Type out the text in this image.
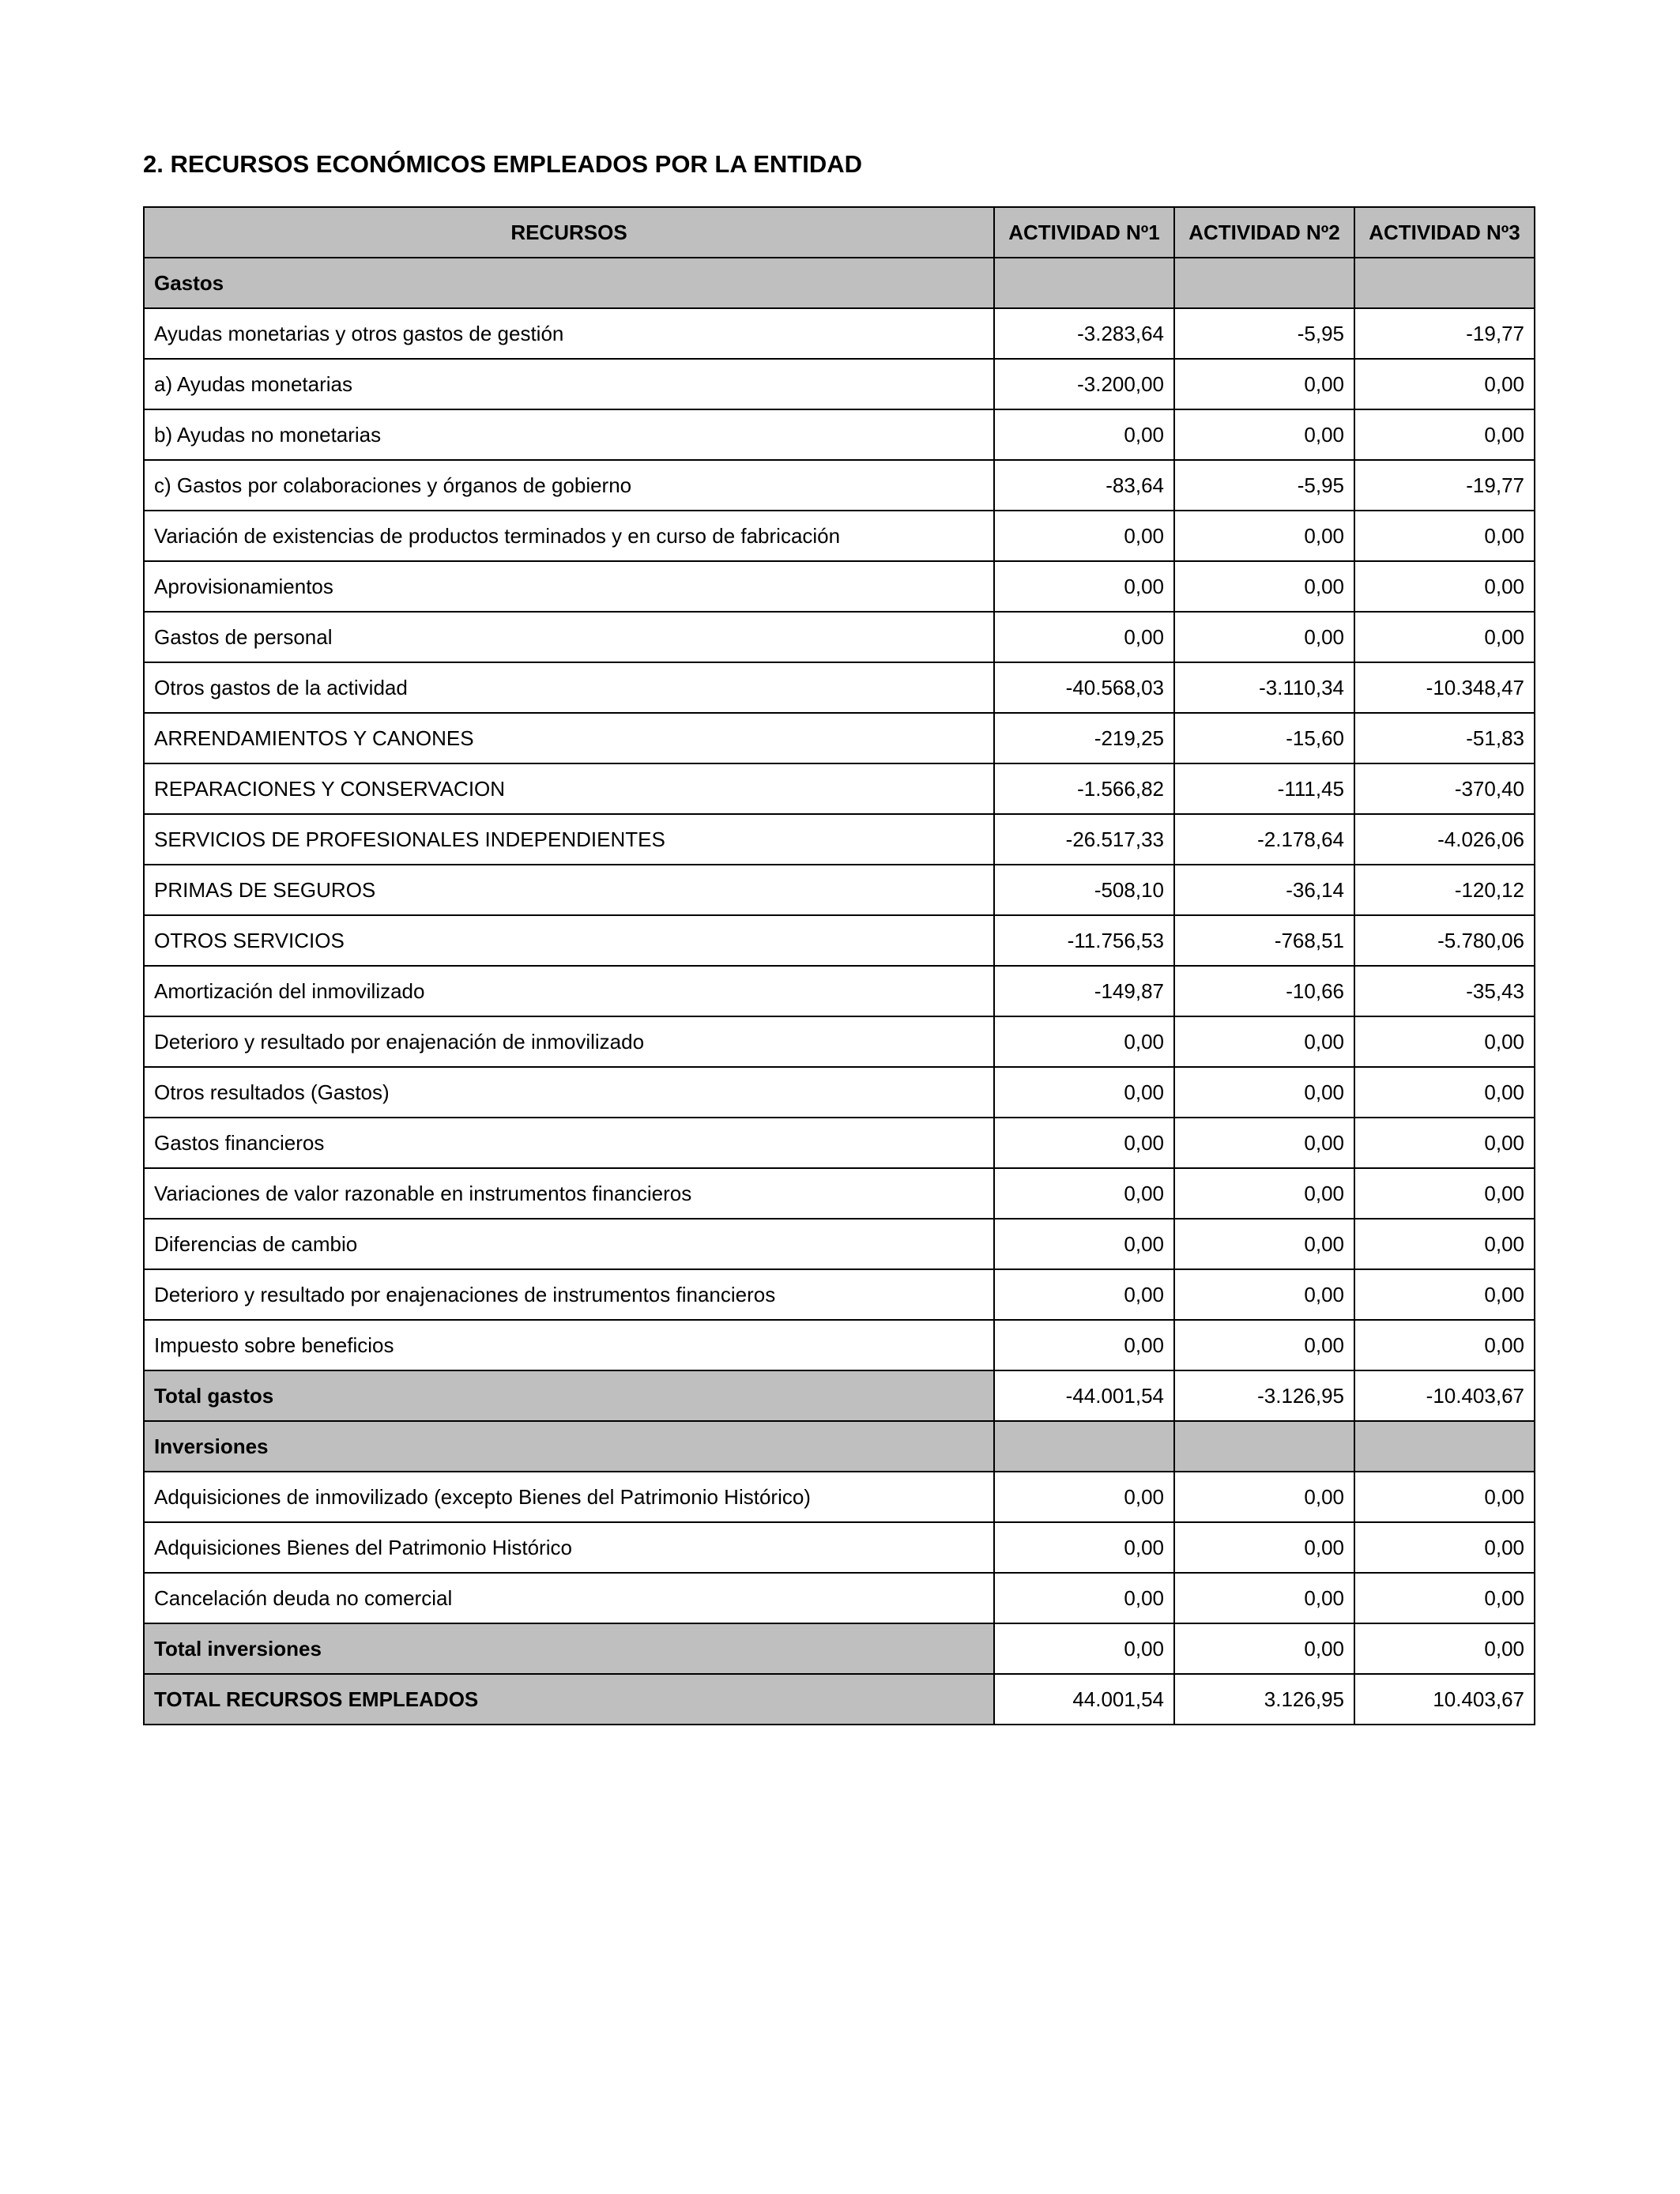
2. RECURSOS ECONÓMICOS EMPLEADOS POR LA ENTIDAD
RECURSOS	ACTIVIDAD Nº1	ACTIVIDAD Nº2	ACTIVIDAD Nº3
Gastos			
Ayudas monetarias y otros gastos de gestión	-3.283,64	-5,95	-19,77
a) Ayudas monetarias	-3.200,00	0,00	0,00
b) Ayudas no monetarias	0,00	0,00	0,00
c) Gastos por colaboraciones y órganos de gobierno	-83,64	-5,95	-19,77
Variación de existencias de productos terminados y en curso de fabricación	0,00	0,00	0,00
Aprovisionamientos	0,00	0,00	0,00
Gastos de personal	0,00	0,00	0,00
Otros gastos de la actividad	-40.568,03	-3.110,34	-10.348,47
ARRENDAMIENTOS Y CANONES	-219,25	-15,60	-51,83
REPARACIONES Y CONSERVACION	-1.566,82	-111,45	-370,40
SERVICIOS DE PROFESIONALES INDEPENDIENTES	-26.517,33	-2.178,64	-4.026,06
PRIMAS DE SEGUROS	-508,10	-36,14	-120,12
OTROS SERVICIOS	-11.756,53	-768,51	-5.780,06
Amortización del inmovilizado	-149,87	-10,66	-35,43
Deterioro y resultado por enajenación de inmovilizado	0,00	0,00	0,00
Otros resultados (Gastos)	0,00	0,00	0,00
Gastos financieros	0,00	0,00	0,00
Variaciones de valor razonable en instrumentos financieros	0,00	0,00	0,00
Diferencias de cambio	0,00	0,00	0,00
Deterioro y resultado por enajenaciones de instrumentos financieros	0,00	0,00	0,00
Impuesto sobre beneficios	0,00	0,00	0,00
Total gastos	-44.001,54	-3.126,95	-10.403,67
Inversiones			
Adquisiciones de inmovilizado (excepto Bienes del Patrimonio Histórico)	0,00	0,00	0,00
Adquisiciones Bienes del Patrimonio Histórico	0,00	0,00	0,00
Cancelación deuda no comercial	0,00	0,00	0,00
Total inversiones	0,00	0,00	0,00
TOTAL RECURSOS EMPLEADOS	44.001,54	3.126,95	10.403,67
